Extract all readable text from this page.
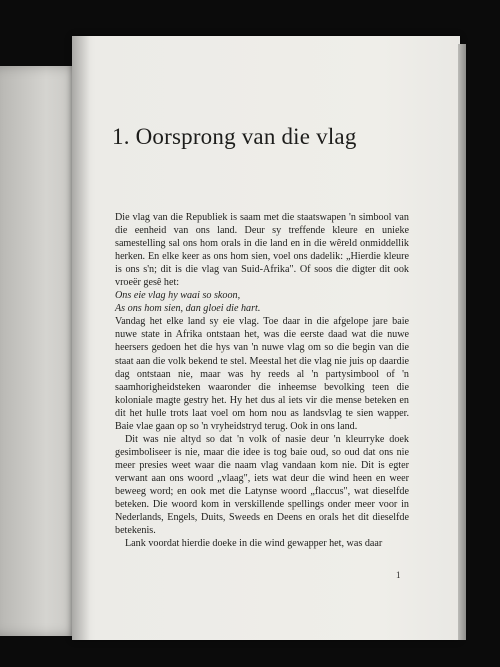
1. Oorsprong van die vlag

Die vlag van die Republiek is saam met die staatswapen 'n simbool van die eenheid van ons land. Deur sy treffende kleure en unieke samestelling sal ons hom orals in die land en in die wêreld onmiddellik herken. En elke keer as ons hom sien, voel ons dadelik: „Hierdie kleure is ons s'n; dit is die vlag van Suid-Afrika". Of soos die digter dit ook vroeër gesê het:

Ons eie vlag hy waai so skoon,

As ons hom sien, dan gloei die hart.

Vandag het elke land sy eie vlag. Toe daar in die afgelope jare baie nuwe state in Afrika ontstaan het, was die eerste daad wat die nuwe heersers gedoen het die hys van 'n nuwe vlag om so die begin van die staat aan die volk bekend te stel. Meestal het die vlag nie juis op daardie dag ontstaan nie, maar was hy reeds al 'n partysimbool of 'n saamhorigheidsteken waaronder die inheemse bevolking teen die koloniale magte gestry het. Hy het dus al iets vir die mense beteken en dit het hulle trots laat voel om hom nou as landsvlag te sien wapper. Baie vlae gaan op so 'n vryheidstryd terug. Ook in ons land.

Dit was nie altyd so dat 'n volk of nasie deur 'n kleurryke doek gesimboliseer is nie, maar die idee is tog baie oud, so oud dat ons nie meer presies weet waar die naam vlag vandaan kom nie. Dit is egter verwant aan ons woord „vlaag", iets wat deur die wind heen en weer beweeg word; en ook met die Latynse woord „flaccus", wat dieselfde beteken. Die woord kom in verskillende spellings onder meer voor in Nederlands, Engels, Duits, Sweeds en Deens en orals het dit dieselfde betekenis.

Lank voordat hierdie doeke in die wind gewapper het, was daar

1
